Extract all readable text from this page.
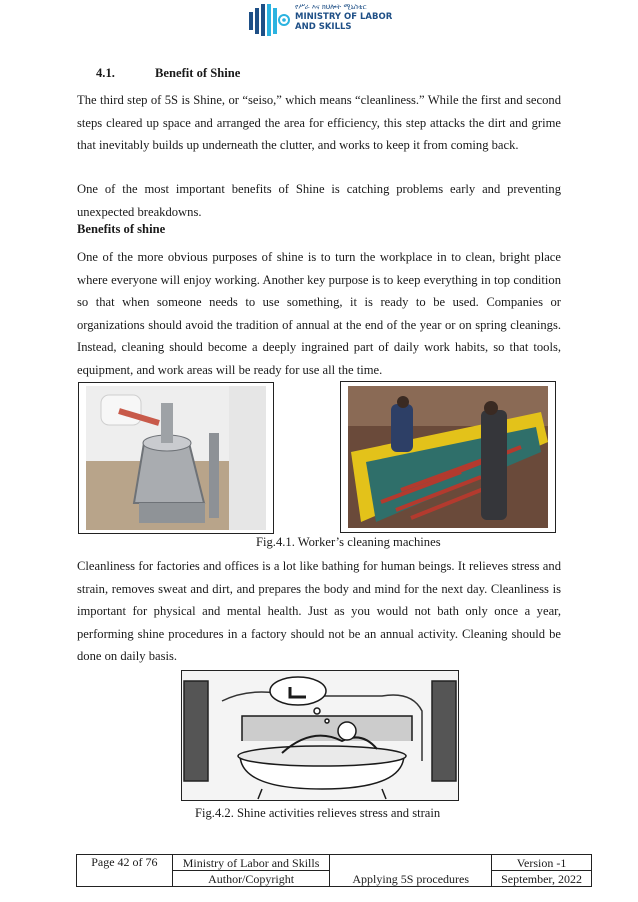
የሥራ እና ክህሎት ሚኒስቴር
MINISTRY OF LABOR
AND SKILLS
4.1.	Benefit of Shine

The third step of 5S is Shine, or “seiso,” which means “cleanliness.” While the first and second steps cleared up space and arranged the area for efficiency, this step attacks the dirt and grime that inevitably builds up underneath the clutter, and works to keep it from coming back.

One of the most important benefits of Shine is catching problems early and preventing unexpected breakdowns.

Benefits of shine

One of the more obvious purposes of shine is to turn the workplace in to clean, bright place where everyone will enjoy working. Another key purpose is to keep everything in top condition so that when someone needs to use something, it is ready to be used. Companies or organizations should avoid the tradition of annual at the end of the year or on spring cleanings. Instead, cleaning should become a deeply ingrained part of daily work habits, so that tools, equipment, and work areas will be ready for use all the time.

Fig.4.1. Worker’s cleaning machines

Cleanliness for factories and offices is a lot like bathing for human beings. It relieves stress and strain, removes sweat and dirt, and prepares the body and mind for the next day. Cleanliness is important for physical and mental health. Just as you would not bath only once a year, performing shine procedures in a factory should not be an annual activity. Cleaning should be done on daily basis.

Fig.4.2. Shine activities relieves stress and strain
Page 42 of 76	Ministry of Labor and Skills	Applying 5S procedures	Version -1
	Author/Copyright		September, 2022
